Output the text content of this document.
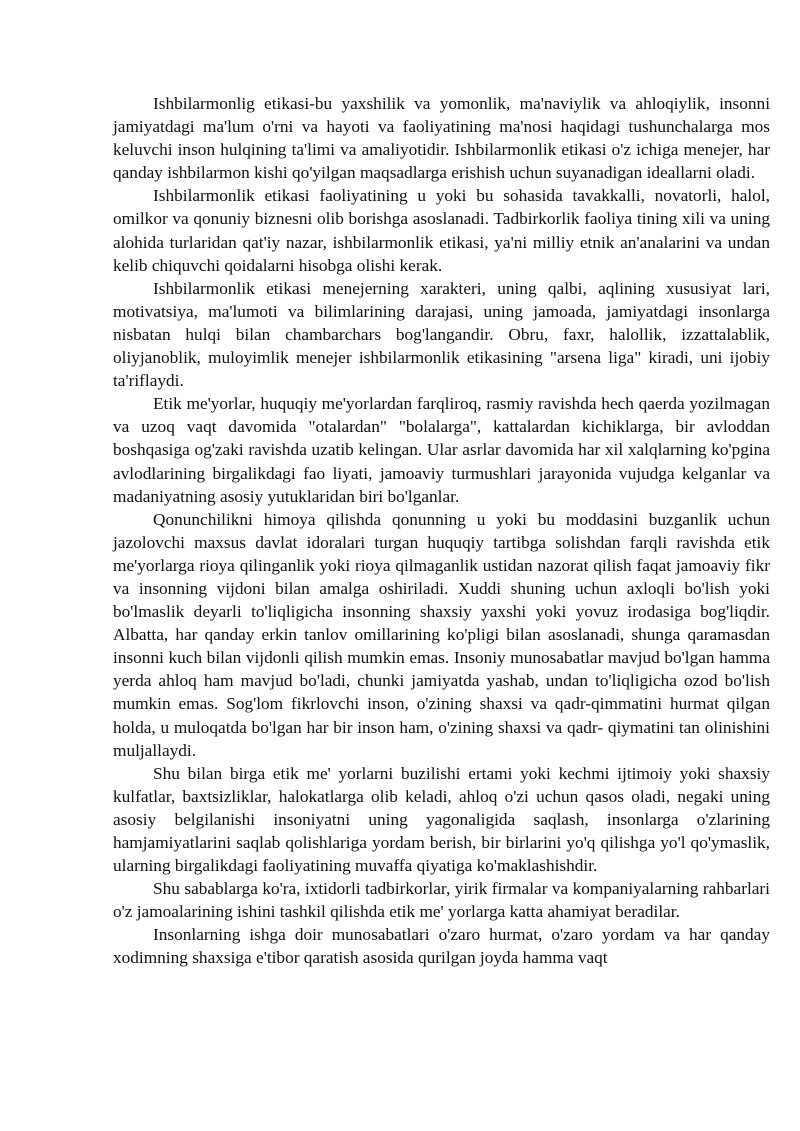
Ishbilarmonlig etikasi-bu yaxshilik va yomonlik, ma'naviylik va ahloqiylik, insonni jamiyatdagi ma'lum o'rni va hayoti va faoliyatining ma'nosi haqidagi tushunchalarga mos keluvchi inson hulqining ta'limi va amaliyotidir. Ishbilarmonlik etikasi o'z ichiga menejer, har qanday ishbilarmon kishi qo'yilgan maqsadlarga erishish uchun suyanadigan ideallarni oladi.

Ishbilarmonlik etikasi faoliyatining u yoki bu sohasida tavakkalli, novatorli, halol, omilkor va qonuniy biznesni olib borishga asoslanadi. Tadbirkorlik faoliya tining xili va uning alohida turlaridan qat'iy nazar, ishbilarmonlik etikasi, ya'ni milliy etnik an'analarini va undan kelib chiquvchi qoidalarni hisobga olishi kerak.

Ishbilarmonlik etikasi menejerning xarakteri, uning qalbi, aqlining xususiyat lari, motivatsiya, ma'lumoti va bilimlarining darajasi, uning jamoada, jamiyatdagi insonlarga nisbatan hulqi bilan chambarchars bog'langandir. Obru, faxr, halollik, izzattalablik, oliyjanoblik, muloyimlik menejer ishbilarmonlik etikasining "arsena liga" kiradi, uni ijobiy ta'riflaydi.

Etik me'yorlar, huquqiy me'yorlardan farqliroq, rasmiy ravishda hech qaerda yozilmagan va uzoq vaqt davomida "otalardan" "bolalarga", kattalardan kichiklarga, bir avloddan boshqasiga og'zaki ravishda uzatib kelingan. Ular asrlar davomida har xil xalqlarning ko'pgina avlodlarining birgalikdagi fao liyati, jamoaviy turmushlari jarayonida vujudga kelganlar va madaniyatning asosiy yutuklaridan biri bo'lganlar.

Qonunchilikni himoya qilishda qonunning u yoki bu moddasini buzganlik uchun jazolovchi maxsus davlat idoralari turgan huquqiy tartibga solishdan farqli ravishda etik me'yorlarga rioya qilinganlik yoki rioya qilmaganlik ustidan nazorat qilish faqat jamoaviy fikr va insonning vijdoni bilan amalga oshiriladi. Xuddi shuning uchun axloqli bo'lish yoki bo'lmaslik deyarli to'liqligicha insonning shaxsiy yaxshi yoki yovuz irodasiga bog'liqdir. Albatta, har qanday erkin tanlov omillarining ko'pligi bilan asoslanadi, shunga qaramasdan insonni kuch bilan vijdonli qilish mumkin emas. Insoniy munosabatlar mavjud bo'lgan hamma yerda ahloq ham mavjud bo'ladi, chunki jamiyatda yashab, undan to'liqligicha ozod bo'lish mumkin emas. Sog'lom fikrlovchi inson, o'zining shaxsi va qadr-qimmatini hurmat qilgan holda, u muloqatda bo'lgan har bir inson ham, o'zining shaxsi va qadr- qiymatini tan olinishini muljallaydi.

Shu bilan birga etik me' yorlarni buzilishi ertami yoki kechmi ijtimoiy yoki shaxsiy kulfatlar, baxtsizliklar, halokatlarga olib keladi, ahloq o'zi uchun qasos oladi, negaki uning asosiy belgilanishi insoniyatni uning yagonaligida saqlash, insonlarga o'zlarining hamjamiyatlarini saqlab qolishlariga yordam berish, bir birlarini yo'q qilishga yo'l qo'ymaslik, ularning birgalikdagi faoliyatining muvaffa qiyatiga ko'maklashishdir.

Shu sabablarga ko'ra, ixtidorli tadbirkorlar, yirik firmalar va kompaniyalarning rahbarlari o'z jamoalarining ishini tashkil qilishda etik me' yorlarga katta ahamiyat beradilar.

Insonlarning ishga doir munosabatlari o'zaro hurmat, o'zaro yordam va har qanday xodimning shaxsiga e'tibor qaratish asosida qurilgan joyda hamma vaqt
